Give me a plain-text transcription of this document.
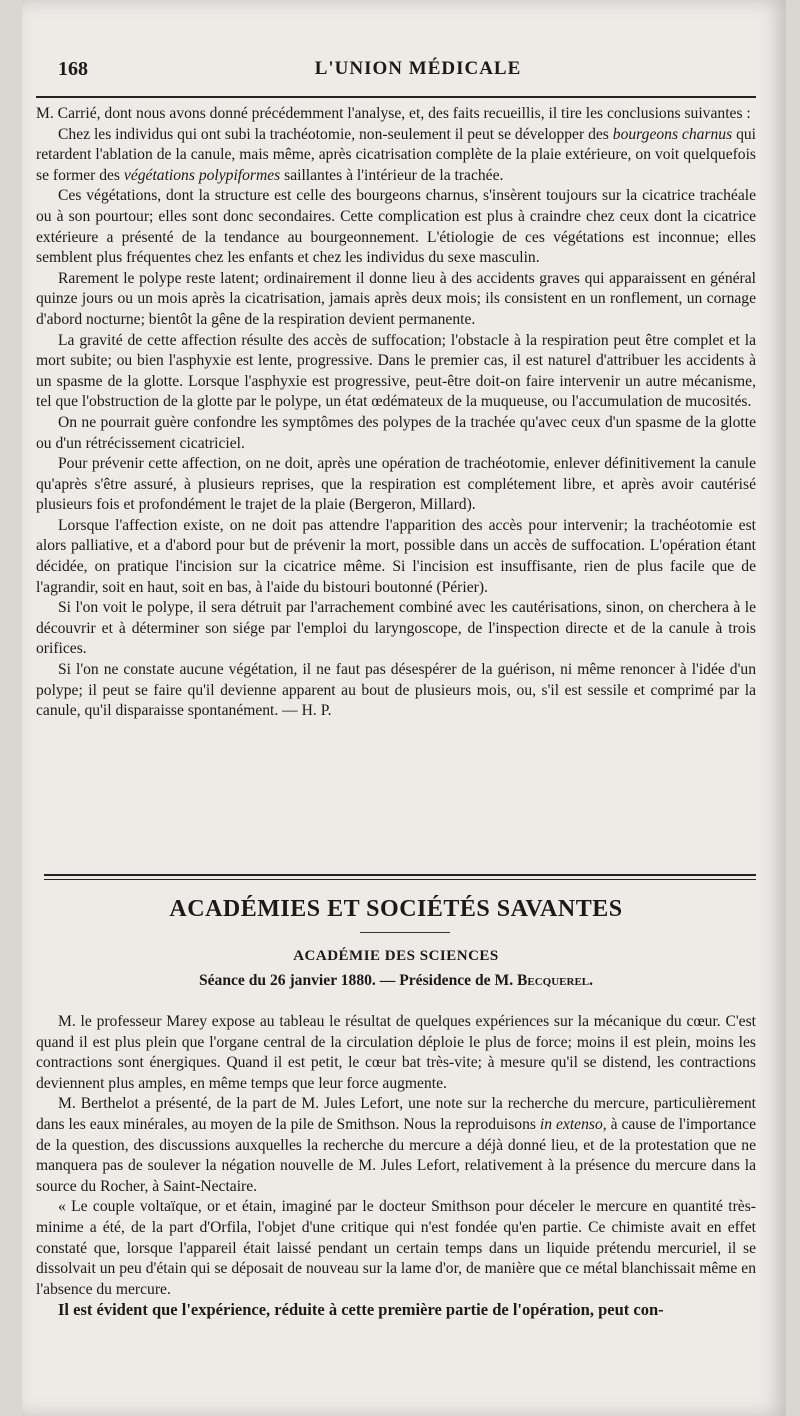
168	L'UNION MÉDICALE

M. Carrié, dont nous avons donné précédemment l'analyse, et, des faits recueillis, il tire les conclusions suivantes :

Chez les individus qui ont subi la trachéotomie, non-seulement il peut se développer des bourgeons charnus qui retardent l'ablation de la canule, mais même, après cicatrisation complète de la plaie extérieure, on voit quelquefois se former des végétations polypiformes saillantes à l'intérieur de la trachée.

Ces végétations, dont la structure est celle des bourgeons charnus, s'insèrent toujours sur la cicatrice trachéale ou à son pourtour; elles sont donc secondaires. Cette complication est plus à craindre chez ceux dont la cicatrice extérieure a présenté de la tendance au bourgeonnement. L'étiologie de ces végétations est inconnue; elles semblent plus fréquentes chez les enfants et chez les individus du sexe masculin.

Rarement le polype reste latent; ordinairement il donne lieu à des accidents graves qui apparaissent en général quinze jours ou un mois après la cicatrisation, jamais après deux mois; ils consistent en un ronflement, un cornage d'abord nocturne; bientôt la gêne de la respiration devient permanente.

La gravité de cette affection résulte des accès de suffocation; l'obstacle à la respiration peut être complet et la mort subite; ou bien l'asphyxie est lente, progressive. Dans le premier cas, il est naturel d'attribuer les accidents à un spasme de la glotte. Lorsque l'asphyxie est progressive, peut-être doit-on faire intervenir un autre mécanisme, tel que l'obstruction de la glotte par le polype, un état œdémateux de la muqueuse, ou l'accumulation de mucosités.

On ne pourrait guère confondre les symptômes des polypes de la trachée qu'avec ceux d'un spasme de la glotte ou d'un rétrécissement cicatriciel.

Pour prévenir cette affection, on ne doit, après une opération de trachéotomie, enlever définitivement la canule qu'après s'être assuré, à plusieurs reprises, que la respiration est complétement libre, et après avoir cautérisé plusieurs fois et profondément le trajet de la plaie (Bergeron, Millard).

Lorsque l'affection existe, on ne doit pas attendre l'apparition des accès pour intervenir; la trachéotomie est alors palliative, et a d'abord pour but de prévenir la mort, possible dans un accès de suffocation. L'opération étant décidée, on pratique l'incision sur la cicatrice même. Si l'incision est insuffisante, rien de plus facile que de l'agrandir, soit en haut, soit en bas, à l'aide du bistouri boutonné (Périer).

Si l'on voit le polype, il sera détruit par l'arrachement combiné avec les cautérisations, sinon, on cherchera à le découvrir et à déterminer son siége par l'emploi du laryngoscope, de l'inspection directe et de la canule à trois orifices.

Si l'on ne constate aucune végétation, il ne faut pas désespérer de la guérison, ni même renoncer à l'idée d'un polype; il peut se faire qu'il devienne apparent au bout de plusieurs mois, ou, s'il est sessile et comprimé par la canule, qu'il disparaisse spontanément. — H. P.

ACADÉMIES ET SOCIÉTÉS SAVANTES
ACADÉMIE DES SCIENCES
Séance du 26 janvier 1880. — Présidence de M. Becquerel.

M. le professeur Marey expose au tableau le résultat de quelques expériences sur la mécanique du cœur. C'est quand il est plus plein que l'organe central de la circulation déploie le plus de force; moins il est plein, moins les contractions sont énergiques. Quand il est petit, le cœur bat très-vite; à mesure qu'il se distend, les contractions deviennent plus amples, en même temps que leur force augmente.

M. Berthelot a présenté, de la part de M. Jules Lefort, une note sur la recherche du mercure, particulièrement dans les eaux minérales, au moyen de la pile de Smithson. Nous la reproduisons in extenso, à cause de l'importance de la question, des discussions auxquelles la recherche du mercure a déjà donné lieu, et de la protestation que ne manquera pas de soulever la négation nouvelle de M. Jules Lefort, relativement à la présence du mercure dans la source du Rocher, à Saint-Nectaire.

« Le couple voltaïque, or et étain, imaginé par le docteur Smithson pour déceler le mercure en quantité très-minime a été, de la part d'Orfila, l'objet d'une critique qui n'est fondée qu'en partie. Ce chimiste avait en effet constaté que, lorsque l'appareil était laissé pendant un certain temps dans un liquide prétendu mercuriel, il se dissolvait un peu d'étain qui se déposait de nouveau sur la lame d'or, de manière que ce métal blanchissait même en l'absence du mercure.

Il est évident que l'expérience, réduite à cette première partie de l'opération, peut con-
